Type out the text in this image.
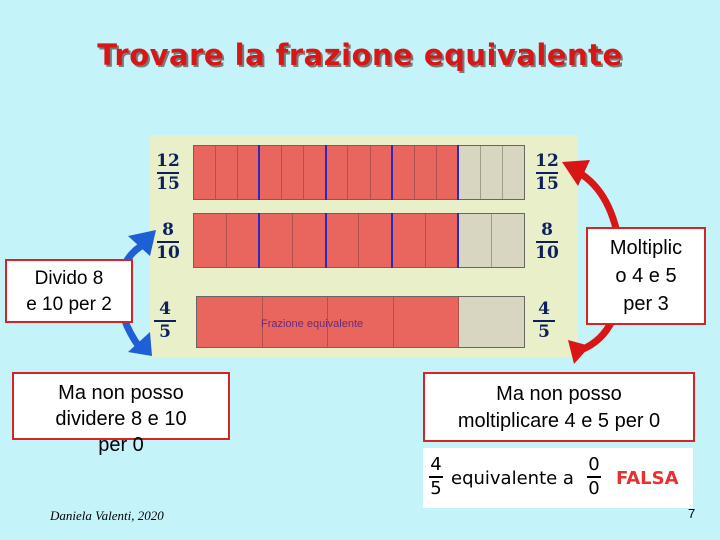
Trovare la frazione equivalente
12
15
12
15
8
10
8
10
4
5
4
5
Frazione equivalente
Divido 8
e 10 per 2
Moltiplic
o 4 e 5
per 3
Ma non posso
dividere 8 e 10
per 0
Ma non posso
moltiplicare 4 e 5 per 0
4
5 equivalente a
0
0 FALSA
Daniela Valenti, 2020	7
